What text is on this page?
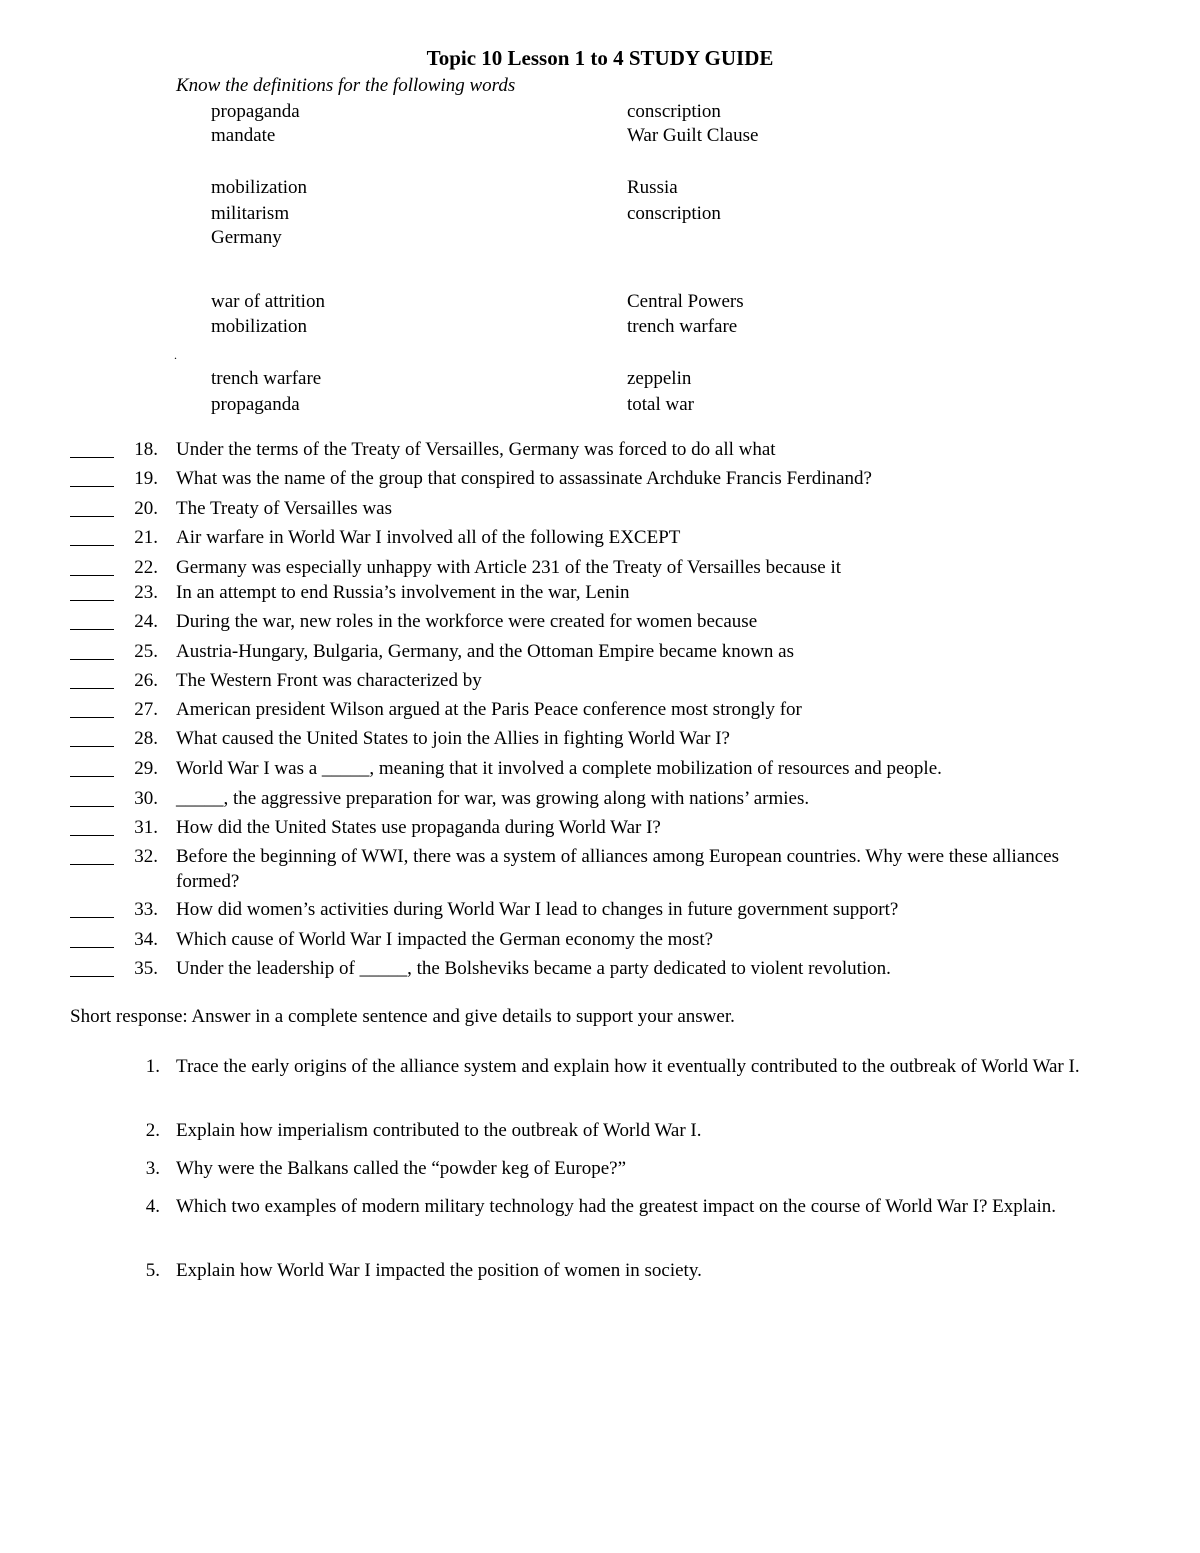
Topic 10 Lesson 1 to 4 STUDY GUIDE
Know the definitions for the following words
propaganda
mandate
conscription
War Guilt Clause
mobilization
militarism
Germany
Russia
conscription
war of attrition
mobilization
Central Powers
trench warfare
.
trench warfare
propaganda
zeppelin
total war
18. Under the terms of the Treaty of Versailles, Germany was forced to do all what
19. What was the name of the group that conspired to assassinate Archduke Francis Ferdinand?
20. The Treaty of Versailles was
21. Air warfare in World War I involved all of the following EXCEPT
22. Germany was especially unhappy with Article 231 of the Treaty of Versailles because it
23. In an attempt to end Russia’s involvement in the war, Lenin
24. During the war, new roles in the workforce were created for women because
25. Austria-Hungary, Bulgaria, Germany, and the Ottoman Empire became known as
26. The Western Front was characterized by
27. American president Wilson argued at the Paris Peace conference most strongly for
28. What caused the United States to join the Allies in fighting World War I?
29. World War I was a _____, meaning that it involved a complete mobilization of resources and people.
30. _____, the aggressive preparation for war, was growing along with nations’ armies.
31. How did the United States use propaganda during World War I?
32. Before the beginning of WWI, there was a system of alliances among European countries. Why were these alliances formed?
33. How did women’s activities during World War I lead to changes in future government support?
34. Which cause of World War I impacted the German economy the most?
35. Under the leadership of _____, the Bolsheviks became a party dedicated to violent revolution.
Short response: Answer in a complete sentence and give details to support your answer.
1. Trace the early origins of the alliance system and explain how it eventually contributed to the outbreak of World War I.
2. Explain how imperialism contributed to the outbreak of World War I.
3. Why were the Balkans called the “powder keg of Europe?”
4. Which two examples of modern military technology had the greatest impact on the course of World War I? Explain.
5. Explain how World War I impacted the position of women in society.
